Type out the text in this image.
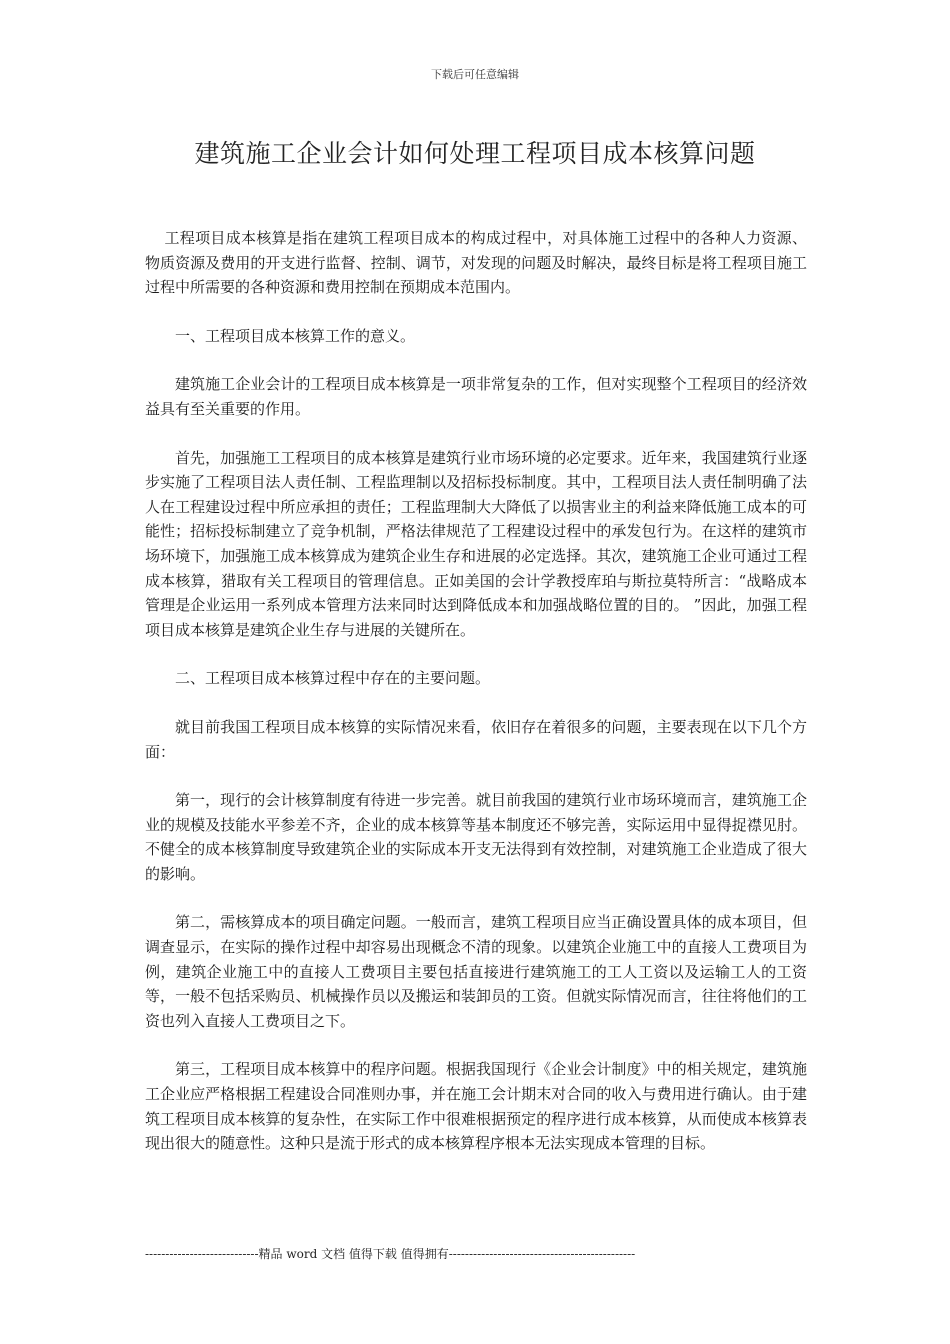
下载后可任意编辑
建筑施工企业会计如何处理工程项目成本核算问题

工程项目成本核算是指在建筑工程项目成本的构成过程中，对具体施工过程中的各种人力资源、物质资源及费用的开支进行监督、控制、调节，对发现的问题及时解决，最终目标是将工程项目施工过程中所需要的各种资源和费用控制在预期成本范围内。

一、工程项目成本核算工作的意义。

建筑施工企业会计的工程项目成本核算是一项非常复杂的工作，但对实现整个工程项目的经济效益具有至关重要的作用。

首先，加强施工工程项目的成本核算是建筑行业市场环境的必定要求。近年来，我国建筑行业逐步实施了工程项目法人责任制、工程监理制以及招标投标制度。其中，工程项目法人责任制明确了法人在工程建设过程中所应承担的责任；工程监理制大大降低了以损害业主的利益来降低施工成本的可能性；招标投标制建立了竞争机制，严格法律规范了工程建设过程中的承发包行为。在这样的建筑市场环境下，加强施工成本核算成为建筑企业生存和进展的必定选择。其次，建筑施工企业可通过工程成本核算，猎取有关工程项目的管理信息。正如美国的会计学教授库珀与斯拉莫特所言：“战略成本管理是企业运用一系列成本管理方法来同时达到降低成本和加强战略位置的目的。 ”因此，加强工程项目成本核算是建筑企业生存与进展的关键所在。

二、工程项目成本核算过程中存在的主要问题。

就目前我国工程项目成本核算的实际情况来看，依旧存在着很多的问题，主要表现在以下几个方面：

第一，现行的会计核算制度有待进一步完善。就目前我国的建筑行业市场环境而言，建筑施工企业的规模及技能水平参差不齐，企业的成本核算等基本制度还不够完善，实际运用中显得捉襟见肘。不健全的成本核算制度导致建筑企业的实际成本开支无法得到有效控制，对建筑施工企业造成了很大的影响。

第二，需核算成本的项目确定问题。一般而言，建筑工程项目应当正确设置具体的成本项目，但调查显示，在实际的操作过程中却容易出现概念不清的现象。以建筑企业施工中的直接人工费项目为例，建筑企业施工中的直接人工费项目主要包括直接进行建筑施工的工人工资以及运输工人的工资等，一般不包括采购员、机械操作员以及搬运和装卸员的工资。但就实际情况而言，往往将他们的工资也列入直接人工费项目之下。

第三，工程项目成本核算中的程序问题。根据我国现行《企业会计制度》中的相关规定，建筑施工企业应严格根据工程建设合同准则办事，并在施工会计期末对合同的收入与费用进行确认。由于建筑工程项目成本核算的复杂性，在实际工作中很难根据预定的程序进行成本核算，从而使成本核算表现出很大的随意性。这种只是流于形式的成本核算程序根本无法实现成本管理的目标。

----------------------------精品 word 文档 值得下载 值得拥有----------------------------------------------
